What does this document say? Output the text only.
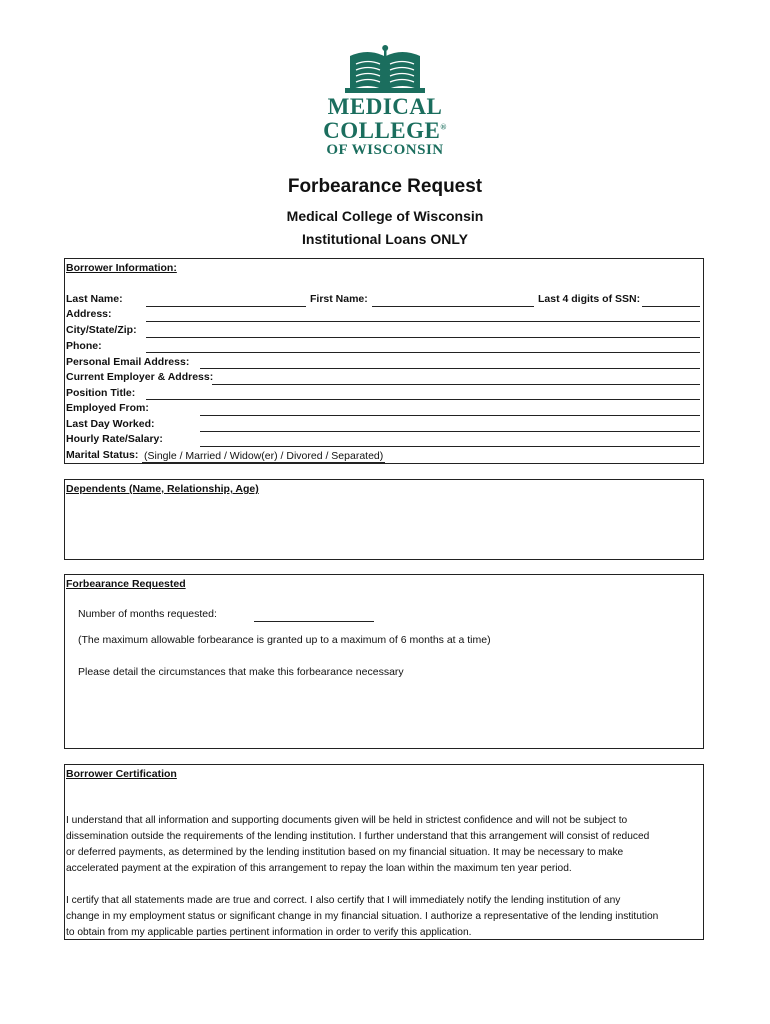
MEDICAL
COLLEGE®
OF WISCONSIN
Forbearance Request
Medical College of Wisconsin
Institutional Loans ONLY
Borrower Information:
Last Name:	First Name:	Last 4 digits of SSN:
Address:
City/State/Zip:
Phone:
Personal Email Address:
Current Employer & Address:
Position Title:
Employed From:
Last Day Worked:
Hourly Rate/Salary:
Marital Status: (Single / Married / Widow(er) / Divored / Separated)
Dependents (Name, Relationship, Age)
Forbearance Requested
Number of months requested:
(The maximum allowable forbearance is granted up to a maximum of 6 months at a time)
Please detail the circumstances that make this forbearance necessary
Borrower Certification
I understand that all information and supporting documents given will be held in strictest confidence and will not be subject to
dissemination outside the requirements of the lending institution. I further understand that this arrangement will consist of reduced
or deferred payments, as determined by the lending institution based on my financial situation. It may be necessary to make
accelerated payment at the expiration of this arrangement to repay the loan within the maximum ten year period.
I certify that all statements made are true and correct. I also certify that I will immediately notify the lending institution of any
change in my employment status or significant change in my financial situation. I authorize a representative of the lending institution
to obtain from my applicable parties pertinent information in order to verify this application.
